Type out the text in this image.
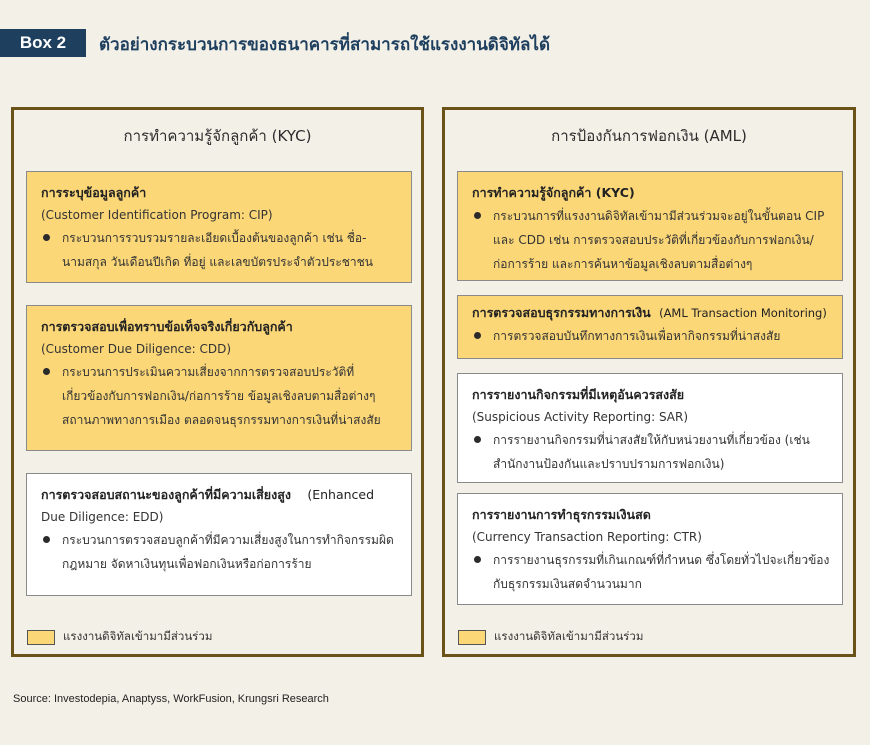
Box 2	ตัวอย่างกระบวนการของธนาคารที่สามารถใช้แรงงานดิจิทัลได้
การทำความรู้จักลูกค้า (KYC)
การระบุข้อมูลลูกค้า
(Customer Identification Program: CIP)
กระบวนการรวบรวมรายละเอียดเบื้องต้นของลูกค้า เช่น ชื่อ-
นามสกุล วันเดือนปีเกิด ที่อยู่ และเลขบัตรประจำตัวประชาชน
การตรวจสอบเพื่อทราบข้อเท็จจริงเกี่ยวกับลูกค้า
(Customer Due Diligence: CDD)
กระบวนการประเมินความเสี่ยงจากการตรวจสอบประวัติที่
เกี่ยวข้องกับการฟอกเงิน/ก่อการร้าย ข้อมูลเชิงลบตามสื่อต่างๆ
สถานภาพทางการเมือง ตลอดจนธุรกรรมทางการเงินที่น่าสงสัย
การตรวจสอบสถานะของลูกค้าที่มีความเสี่ยงสูง (Enhanced
Due Diligence: EDD)
กระบวนการตรวจสอบลูกค้าที่มีความเสี่ยงสูงในการทำกิจกรรมผิด
กฎหมาย จัดหาเงินทุนเพื่อฟอกเงินหรือก่อการร้าย
แรงงานดิจิทัลเข้ามามีส่วนร่วม
การป้องกันการฟอกเงิน (AML)
การทำความรู้จักลูกค้า (KYC)
กระบวนการที่แรงงานดิจิทัลเข้ามามีส่วนร่วมจะอยู่ในขั้นตอน CIP
และ CDD เช่น การตรวจสอบประวัติที่เกี่ยวข้องกับการฟอกเงิน/
ก่อการร้าย และการค้นหาข้อมูลเชิงลบตามสื่อต่างๆ
การตรวจสอบธุรกรรมทางการเงิน (AML Transaction Monitoring)
การตรวจสอบบันทึกทางการเงินเพื่อหากิจกรรมที่น่าสงสัย
การรายงานกิจกรรมที่มีเหตุอันควรสงสัย
(Suspicious Activity Reporting: SAR)
การรายงานกิจกรรมที่น่าสงสัยให้กับหน่วยงานที่เกี่ยวข้อง (เช่น
สำนักงานป้องกันและปราบปรามการฟอกเงิน)
การรายงานการทำธุรกรรมเงินสด
(Currency Transaction Reporting: CTR)
การรายงานธุรกรรมที่เกินเกณฑ์ที่กำหนด ซึ่งโดยทั่วไปจะเกี่ยวข้อง
กับธุรกรรมเงินสดจำนวนมาก
แรงงานดิจิทัลเข้ามามีส่วนร่วม
Source: Investodepia, Anaptyss, WorkFusion, Krungsri Research
